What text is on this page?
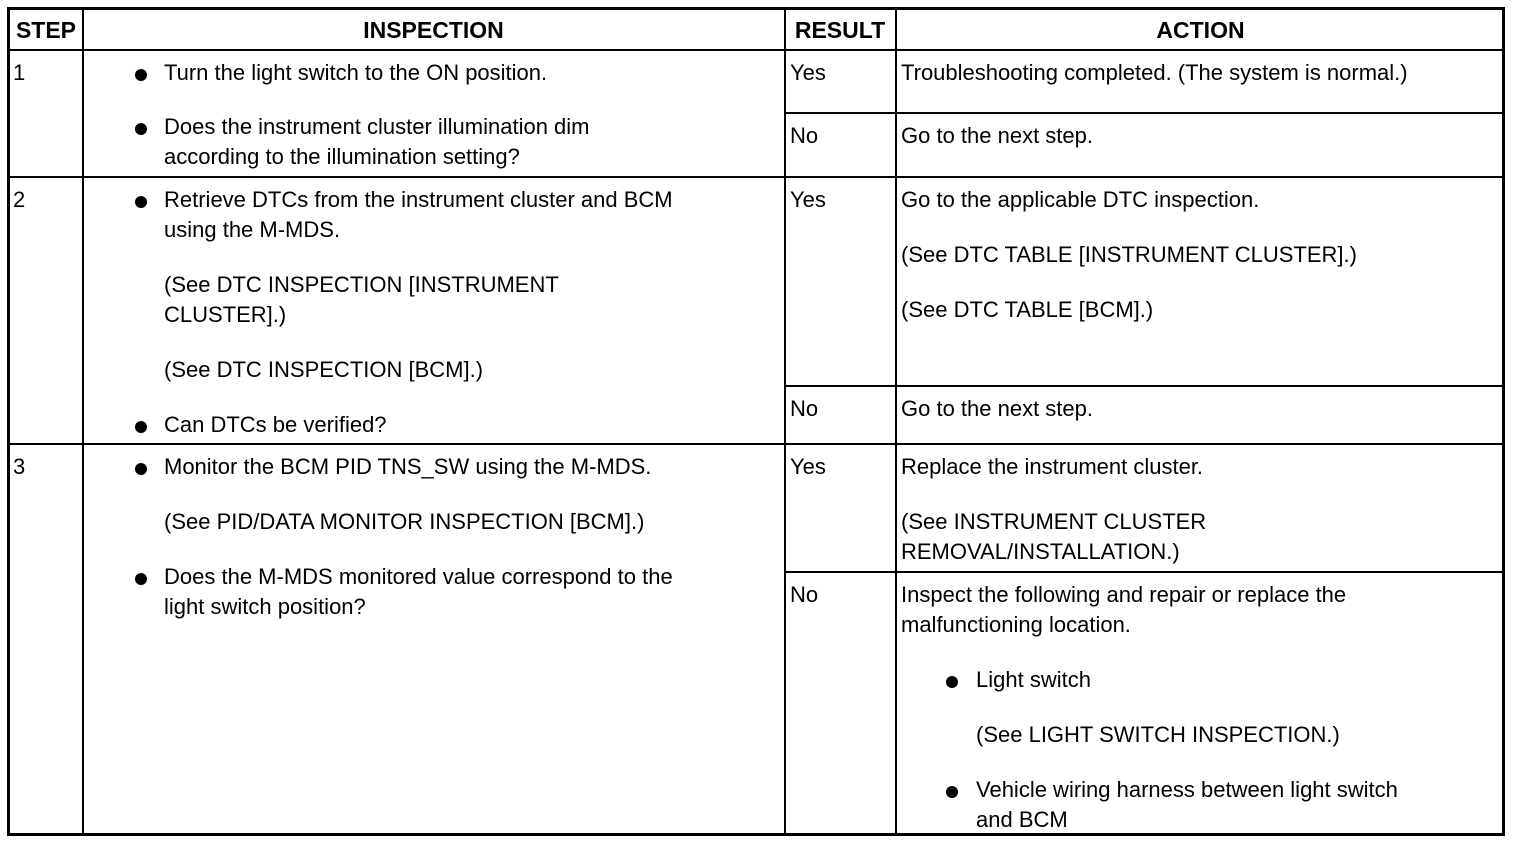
STEP	INSPECTION	RESULT	ACTION
1	Turn the light switch to the ON position.
Does the instrument cluster illumination dim
according to the illumination setting?
Yes	Troubleshooting completed. (The system is normal.)
No	Go to the next step.
2	Retrieve DTCs from the instrument cluster and BCM
using the M-MDS.
(See DTC INSPECTION [INSTRUMENT
CLUSTER].)
(See DTC INSPECTION [BCM].)
Can DTCs be verified?
Yes	Go to the applicable DTC inspection.
(See DTC TABLE [INSTRUMENT CLUSTER].)
(See DTC TABLE [BCM].)
No	Go to the next step.
3	Monitor the BCM PID TNS_SW using the M-MDS.
(See PID/DATA MONITOR INSPECTION [BCM].)
Does the M-MDS monitored value correspond to the
light switch position?
Yes	Replace the instrument cluster.
(See INSTRUMENT CLUSTER
REMOVAL/INSTALLATION.)
No	Inspect the following and repair or replace the
malfunctioning location.
Light switch
(See LIGHT SWITCH INSPECTION.)
Vehicle wiring harness between light switch
and BCM
